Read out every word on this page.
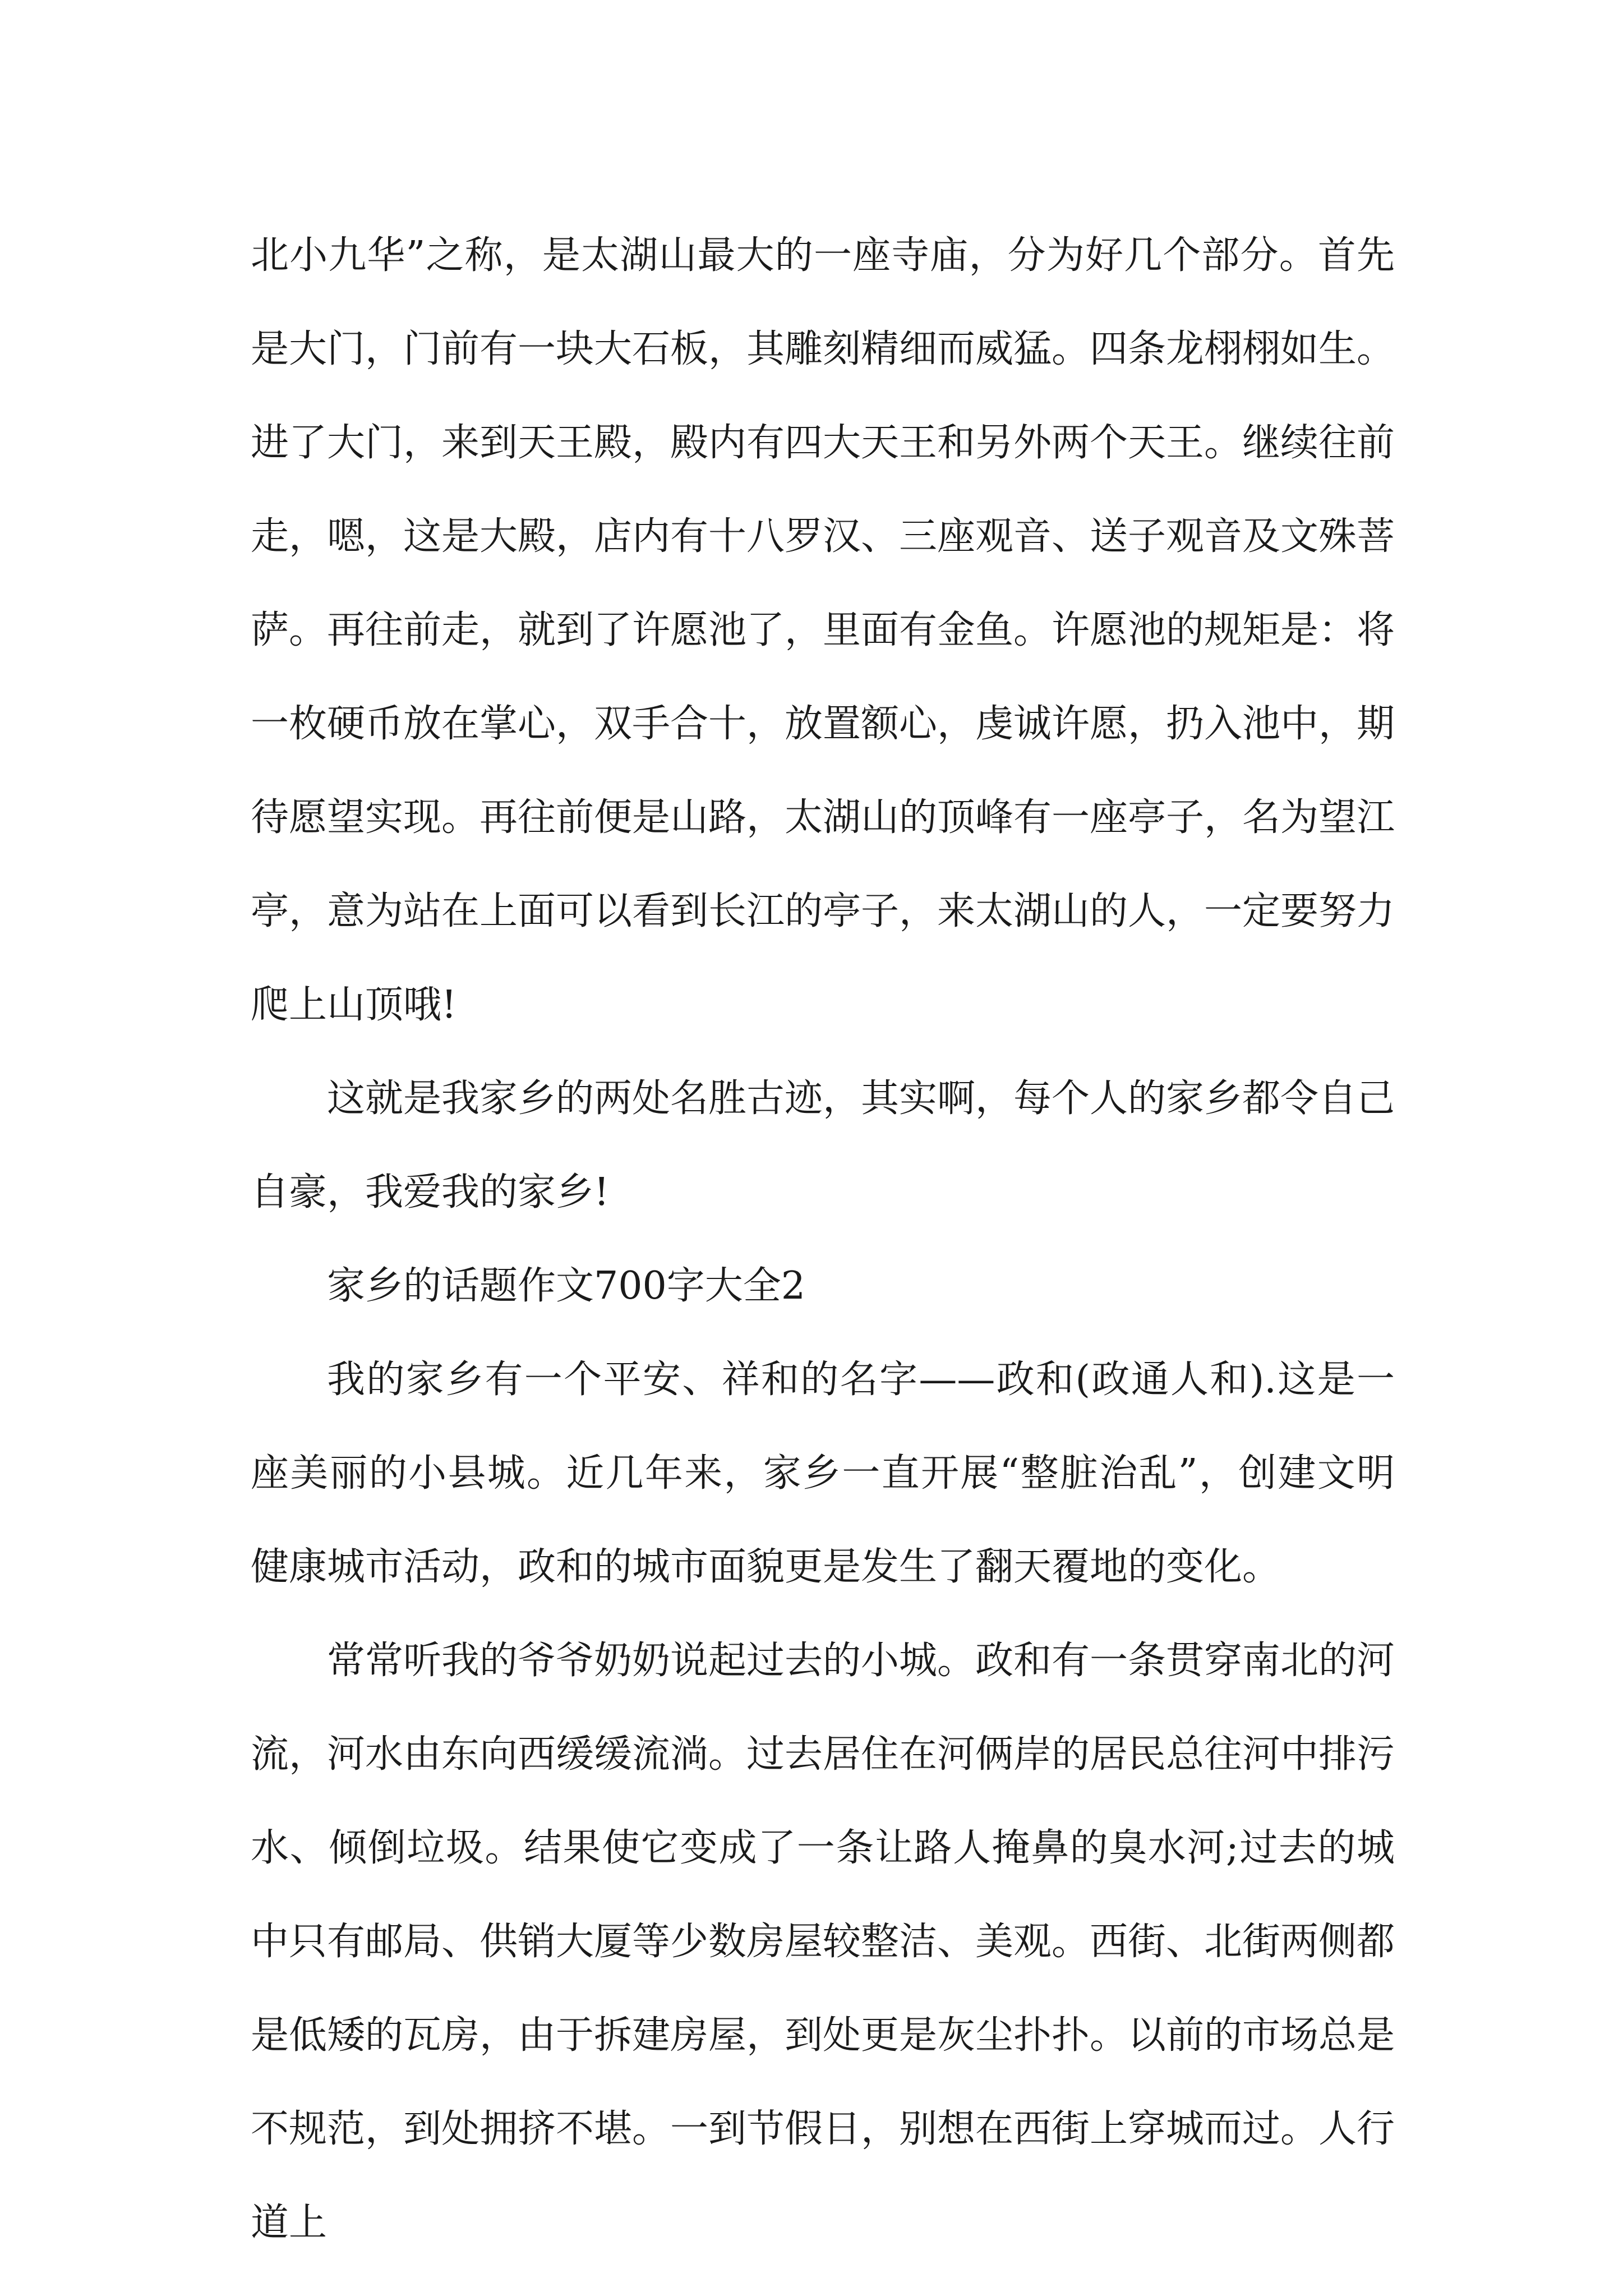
北小九华”之称，是太湖山最大的一座寺庙，分为好几个部分。首先是大门，门前有一块大石板，其雕刻精细而威猛。四条龙栩栩如生。进了大门，来到天王殿，殿内有四大天王和另外两个天王。继续往前走，嗯，这是大殿，店内有十八罗汉、三座观音、送子观音及文殊菩萨。再往前走，就到了许愿池了，里面有金鱼。许愿池的规矩是：将一枚硬币放在掌心，双手合十，放置额心，虔诚许愿，扔入池中，期待愿望实现。再往前便是山路，太湖山的顶峰有一座亭子，名为望江亭，意为站在上面可以看到长江的亭子，来太湖山的人，一定要努力爬上山顶哦!

这就是我家乡的两处名胜古迹，其实啊，每个人的家乡都令自己自豪，我爱我的家乡!

家乡的话题作文700字大全2

我的家乡有一个平安、祥和的名字——政和(政通人和).这是一座美丽的小县城。近几年来，家乡一直开展“整脏治乱”，创建文明健康城市活动，政和的城市面貌更是发生了翻天覆地的变化。

常常听我的爷爷奶奶说起过去的小城。政和有一条贯穿南北的河流，河水由东向西缓缓流淌。过去居住在河俩岸的居民总往河中排污水、倾倒垃圾。结果使它变成了一条让路人掩鼻的臭水河;过去的城中只有邮局、供销大厦等少数房屋较整洁、美观。西街、北街两侧都是低矮的瓦房，由于拆建房屋，到处更是灰尘扑扑。以前的市场总是不规范，到处拥挤不堪。一到节假日，别想在西街上穿城而过。人行道上
